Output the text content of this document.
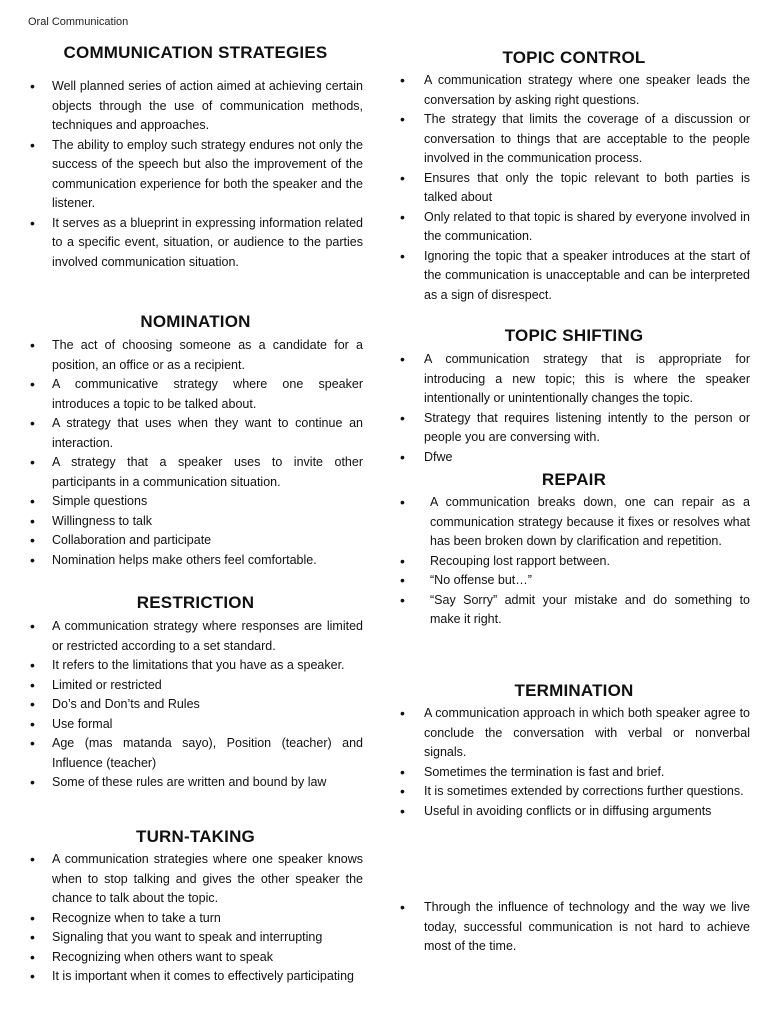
Oral Communication
COMMUNICATION STRATEGIES
• Well planned series of action aimed at achieving certain objects through the use of communication methods, techniques and approaches.
• The ability to employ such strategy endures not only the success of the speech but also the improvement of the communication experience for both the speaker and the listener.
• It serves as a blueprint in expressing information related to a specific event, situation, or audience to the parties involved communication situation.
NOMINATION
• The act of choosing someone as a candidate for a position, an office or as a recipient.
• A communicative strategy where one speaker introduces a topic to be talked about.
• A strategy that uses when they want to continue an interaction.
• A strategy that a speaker uses to invite other participants in a communication situation.
• Simple questions
• Willingness to talk
• Collaboration and participate
• Nomination helps make others feel comfortable.
RESTRICTION
• A communication strategy where responses are limited or restricted according to a set standard.
• It refers to the limitations that you have as a speaker.
• Limited or restricted
• Do’s and Don’ts and Rules
• Use formal
• Age (mas matanda sayo), Position (teacher) and Influence (teacher)
• Some of these rules are written and bound by law
TURN-TAKING
• A communication strategies where one speaker knows when to stop talking and gives the other speaker the chance to talk about the topic.
• Recognize when to take a turn
• Signaling that you want to speak and interrupting
• Recognizing when others want to speak
• It is important when it comes to effectively participating
TOPIC CONTROL
• A communication strategy where one speaker leads the conversation by asking right questions.
• The strategy that limits the coverage of a discussion or conversation to things that are acceptable to the people involved in the communication process.
• Ensures that only the topic relevant to both parties is talked about
• Only related to that topic is shared by everyone involved in the communication.
• Ignoring the topic that a speaker introduces at the start of the communication is unacceptable and can be interpreted as a sign of disrespect.
TOPIC SHIFTING
• A communication strategy that is appropriate for introducing a new topic; this is where the speaker intentionally or unintentionally changes the topic.
• Strategy that requires listening intently to the person or people you are conversing with.
• Dfwe
REPAIR
• A communication breaks down, one can repair as a communication strategy because it fixes or resolves what has been broken down by clarification and repetition.
• Recouping lost rapport between.
• “No offense but…”
• “Say Sorry” admit your mistake and do something to make it right.
TERMINATION
• A communication approach in which both speaker agree to conclude the conversation with verbal or nonverbal signals.
• Sometimes the termination is fast and brief.
• It is sometimes extended by corrections further questions.
• Useful in avoiding conflicts or in diffusing arguments
• Through the influence of technology and the way we live today, successful communication is not hard to achieve most of the time.
